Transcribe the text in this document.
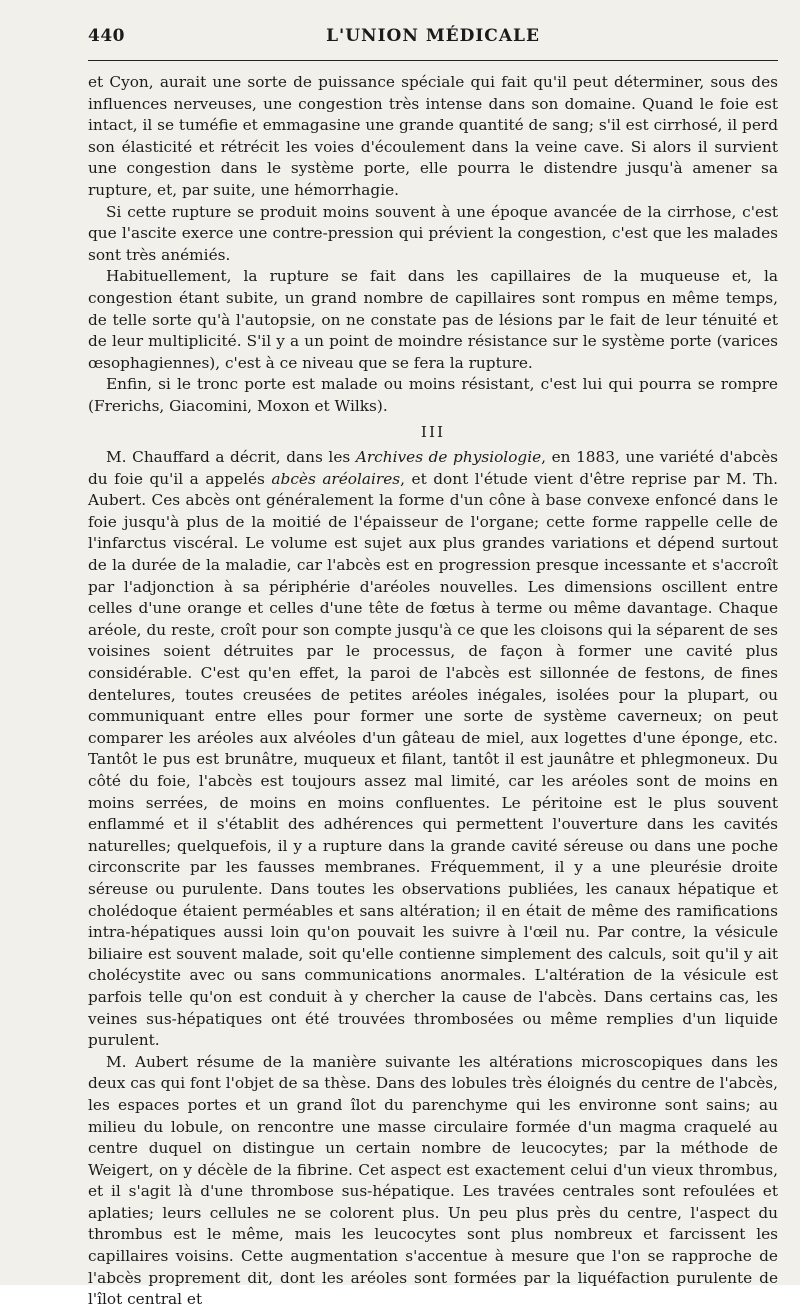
440	L'UNION MÉDICALE

et Cyon, aurait une sorte de puissance spéciale qui fait qu'il peut déterminer, sous des influences nerveuses, une congestion très intense dans son domaine. Quand le foie est intact, il se tuméfie et emmagasine une grande quantité de sang; s'il est cirrhosé, il perd son élasticité et rétrécit les voies d'écoulement dans la veine cave. Si alors il survient une congestion dans le système porte, elle pourra le distendre jusqu'à amener sa rupture, et, par suite, une hémorrhagie.

Si cette rupture se produit moins souvent à une époque avancée de la cirrhose, c'est que l'ascite exerce une contre-pression qui prévient la congestion, c'est que les malades sont très anémiés.

Habituellement, la rupture se fait dans les capillaires de la muqueuse et, la congestion étant subite, un grand nombre de capillaires sont rompus en même temps, de telle sorte qu'à l'autopsie, on ne constate pas de lésions par le fait de leur ténuité et de leur multiplicité. S'il y a un point de moindre résistance sur le système porte (varices œsophagiennes), c'est à ce niveau que se fera la rupture.

Enfin, si le tronc porte est malade ou moins résistant, c'est lui qui pourra se rompre (Frerichs, Giacomini, Moxon et Wilks).

III

M. Chauffard a décrit, dans les Archives de physiologie, en 1883, une variété d'abcès du foie qu'il a appelés abcès aréolaires, et dont l'étude vient d'être reprise par M. Th. Aubert. Ces abcès ont généralement la forme d'un cône à base convexe enfoncé dans le foie jusqu'à plus de la moitié de l'épaisseur de l'organe; cette forme rappelle celle de l'infarctus viscéral. Le volume est sujet aux plus grandes variations et dépend surtout de la durée de la maladie, car l'abcès est en progression presque incessante et s'accroît par l'adjonction à sa périphérie d'aréoles nouvelles. Les dimensions oscillent entre celles d'une orange et celles d'une tête de fœtus à terme ou même davantage. Chaque aréole, du reste, croît pour son compte jusqu'à ce que les cloisons qui la séparent de ses voisines soient détruites par le processus, de façon à former une cavité plus considérable. C'est qu'en effet, la paroi de l'abcès est sillonnée de festons, de fines dentelures, toutes creusées de petites aréoles inégales, isolées pour la plupart, ou communiquant entre elles pour former une sorte de système caverneux; on peut comparer les aréoles aux alvéoles d'un gâteau de miel, aux logettes d'une éponge, etc. Tantôt le pus est brunâtre, muqueux et filant, tantôt il est jaunâtre et phlegmoneux. Du côté du foie, l'abcès est toujours assez mal limité, car les aréoles sont de moins en moins serrées, de moins en moins confluentes. Le péritoine est le plus souvent enflammé et il s'établit des adhérences qui permettent l'ouverture dans les cavités naturelles; quelquefois, il y a rupture dans la grande cavité séreuse ou dans une poche circonscrite par les fausses membranes. Fréquemment, il y a une pleurésie droite séreuse ou purulente. Dans toutes les observations publiées, les canaux hépatique et cholédoque étaient perméables et sans altération; il en était de même des ramifications intra-hépatiques aussi loin qu'on pouvait les suivre à l'œil nu. Par contre, la vésicule biliaire est souvent malade, soit qu'elle contienne simplement des calculs, soit qu'il y ait cholécystite avec ou sans communications anormales. L'altération de la vésicule est parfois telle qu'on est conduit à y chercher la cause de l'abcès. Dans certains cas, les veines sus-hépatiques ont été trouvées thrombosées ou même remplies d'un liquide purulent.

M. Aubert résume de la manière suivante les altérations microscopiques dans les deux cas qui font l'objet de sa thèse. Dans des lobules très éloignés du centre de l'abcès, les espaces portes et un grand îlot du parenchyme qui les environne sont sains; au milieu du lobule, on rencontre une masse circulaire formée d'un magma craquelé au centre duquel on distingue un certain nombre de leucocytes; par la méthode de Weigert, on y décèle de la fibrine. Cet aspect est exactement celui d'un vieux thrombus, et il s'agit là d'une thrombose sus-hépatique. Les travées centrales sont refoulées et aplaties; leurs cellules ne se colorent plus. Un peu plus près du centre, l'aspect du thrombus est le même, mais les leucocytes sont plus nombreux et farcissent les capillaires voisins. Cette augmentation s'accentue à mesure que l'on se rapproche de l'abcès proprement dit, dont les aréoles sont formées par la liquéfaction purulente de l'îlot central et
